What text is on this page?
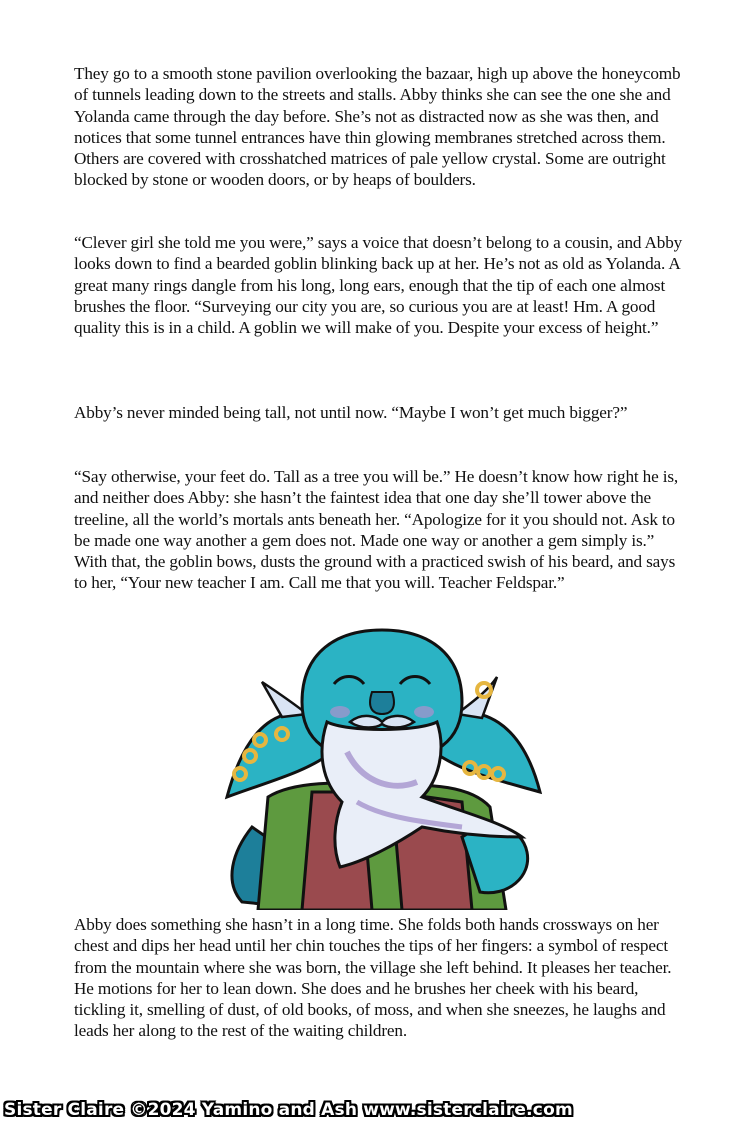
They go to a smooth stone pavilion overlooking the bazaar, high up above the honeycomb of tunnels leading down to the streets and stalls. Abby thinks she can see the one she and Yolanda came through the day before. She’s not as distracted now as she was then, and notices that some tunnel entrances have thin glowing membranes stretched across them. Others are covered with crosshatched matrices of pale yellow crystal. Some are outright blocked by stone or wooden doors, or by heaps of boulders.

“Clever girl she told me you were,” says a voice that doesn’t belong to a cousin, and Abby looks down to find a bearded goblin blinking back up at her. He’s not as old as Yolanda. A great many rings dangle from his long, long ears, enough that the tip of each one almost brushes the floor. “Surveying our city you are, so curious you are at least! Hm. A good quality this is in a child. A goblin we will make of you. Despite your excess of height.”

Abby’s never minded being tall, not until now. “Maybe I won’t get much bigger?”

“Say otherwise, your feet do. Tall as a tree you will be.” He doesn’t know how right he is, and neither does Abby: she hasn’t the faintest idea that one day she’ll tower above the treeline, all the world’s mortals ants beneath her. “Apologize for it you should not. Ask to be made one way another a gem does not. Made one way or another a gem simply is.” With that, the goblin bows, dusts the ground with a practiced swish of his beard, and says to her, “Your new teacher I am. Call me that you will. Teacher Feldspar.”

Abby does something she hasn’t in a long time. She folds both hands crossways on her chest and dips her head until her chin touches the tips of her fingers: a symbol of respect from the mountain where she was born, the village she left behind. It pleases her teacher. He motions for her to lean down. She does and he brushes her cheek with his beard, tickling it, smelling of dust, of old books, of moss, and when she sneezes, he laughs and leads her along to the rest of the waiting children.

Sister Claire ©2024 Yamino and Ash www.sisterclaire.com
